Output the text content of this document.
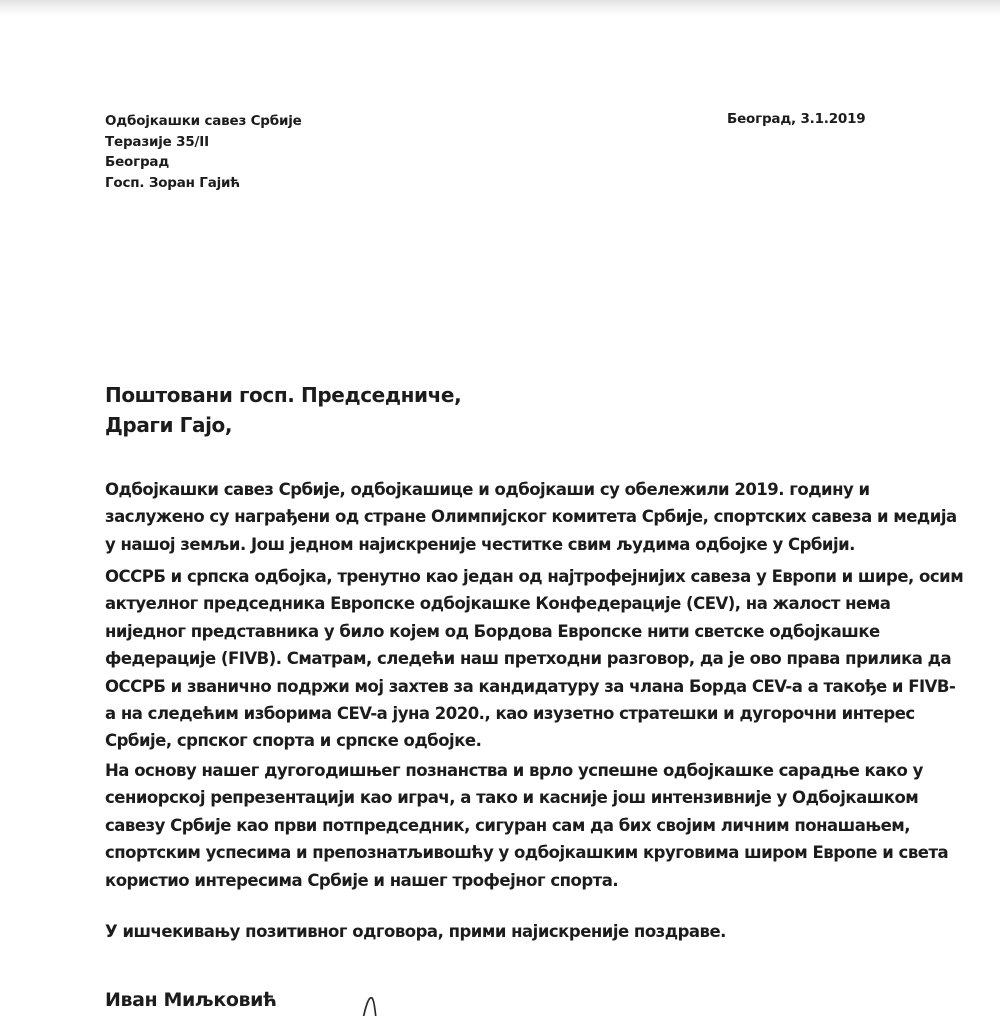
Одбојкашки савез Србије
Теразије 35/II
Београд
Госп. Зоран Гајић
Београд, 3.1.2019
Поштовани госп. Председниче,
Драги Гајо,

Одбојкашки савез Србије, одбојкашице и одбојкаши су обележили 2019. годину и заслужено су награђени од стране Олимпијског комитета Србије, спортских савеза и медија у нашој земљи. Још једном најискреније честитке свим људима одбојке у Србији.

ОССРБ и српска одбојка, тренутно као један од најтрофејнијих савеза у Европи и шире, осим актуелног председника Европске одбојкашке Конфедерације (CEV), на жалост нема ниједног представника у било којем од Бордова Европске нити светске одбојкашке федерације (FIVB). Сматрам, следећи наш претходни разговор, да је ово права прилика да ОССРБ и званично подржи мој захтев за кандидатуру за члана Борда CEV-а а такође и FIVB-а на следећим изборима CEV-а јуна 2020., као изузетно стратешки и дугорочни интерес Србије, српског спорта и српске одбојке.

На основу нашег дугогодишњег познанства и врло успешне одбојкашке сарадње како у сениорској репрезентацији као играч, а тако и касније још интензивније у Одбојкашком савезу Србије као први потпредседник, сигуран сам да бих својим личним понашањем, спортским успесима и препознатљивошћу у одбојкашким круговима широм Европе и света користио интересима Србије и нашег трофејног спорта.

У ишчекивању позитивног одговора, прими најискреније поздраве.

Иван Миљковић
